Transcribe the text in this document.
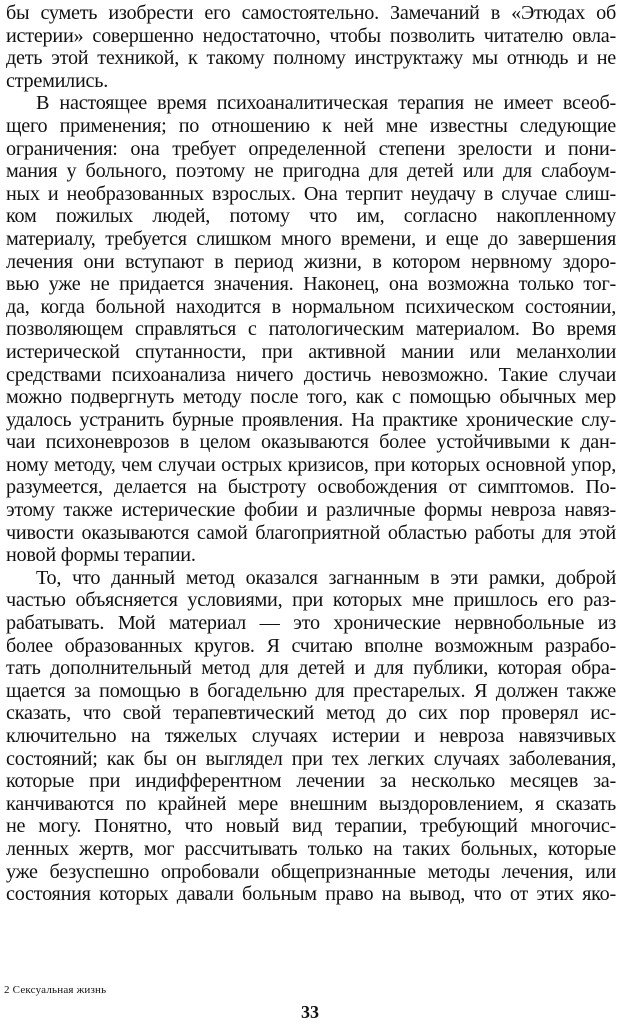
бы суметь изобрести его самостоятельно. Замечаний в «Этюдах об
истерии» совершенно недостаточно, чтобы позволить читателю овла-
деть этой техникой, к такому полному инструктажу мы отнюдь и не
стремились.
В настоящее время психоаналитическая терапия не имеет всеоб-
щего применения; по отношению к ней мне известны следующие
ограничения: она требует определенной степени зрелости и пони-
мания у больного, поэтому не пригодна для детей или для слабоум-
ных и необразованных взрослых. Она терпит неудачу в случае слиш-
ком пожилых людей, потому что им, согласно накопленному
материалу, требуется слишком много времени, и еще до завершения
лечения они вступают в период жизни, в котором нервному здоро-
вью уже не придается значения. Наконец, она возможна только тог-
да, когда больной находится в нормальном психическом состоянии,
позволяющем справляться с патологическим материалом. Во время
истерической спутанности, при активной мании или меланхолии
средствами психоанализа ничего достичь невозможно. Такие случаи
можно подвергнуть методу после того, как с помощью обычных мер
удалось устранить бурные проявления. На практике хронические слу-
чаи психоневрозов в целом оказываются более устойчивыми к дан-
ному методу, чем случаи острых кризисов, при которых основной упор,
разумеется, делается на быстроту освобождения от симптомов. По-
этому также истерические фобии и различные формы невроза навяз-
чивости оказываются самой благоприятной областью работы для этой
новой формы терапии.
То, что данный метод оказался загнанным в эти рамки, доброй
частью объясняется условиями, при которых мне пришлось его раз-
рабатывать. Мой материал — это хронические нервнобольные из
более образованных кругов. Я считаю вполне возможным разрабо-
тать дополнительный метод для детей и для публики, которая обра-
щается за помощью в богадельню для престарелых. Я должен также
сказать, что свой терапевтический метод до сих пор проверял ис-
ключительно на тяжелых случаях истерии и невроза навязчивых
состояний; как бы он выглядел при тех легких случаях заболевания,
которые при индифферентном лечении за несколько месяцев за-
канчиваются по крайней мере внешним выздоровлением, я сказать
не могу. Понятно, что новый вид терапии, требующий многочис-
ленных жертв, мог рассчитывать только на таких больных, которые
уже безуспешно опробовали общепризнанные методы лечения, или
состояния которых давали больным право на вывод, что от этих яко-
2 Сексуальная жизнь
33
